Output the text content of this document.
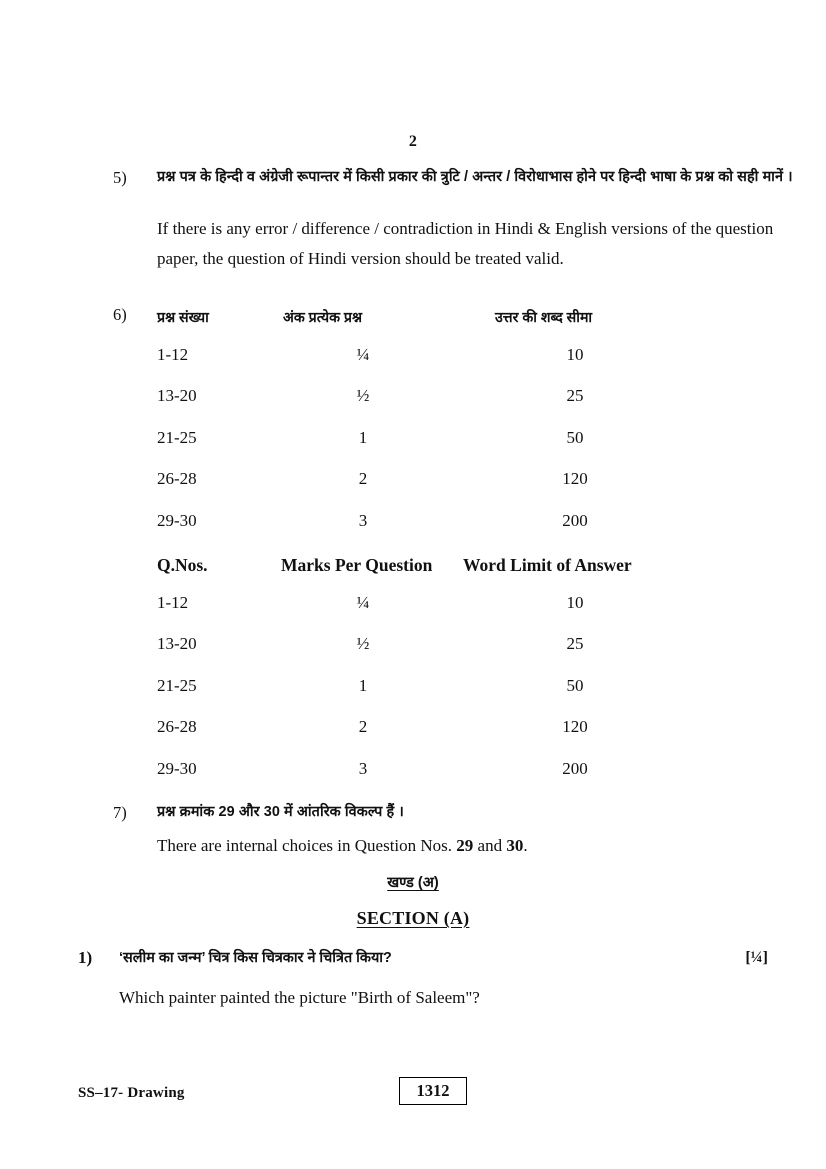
2
5)	प्रश्न पत्र के हिन्दी व अंग्रेजी रूपान्तर में किसी प्रकार की त्रुटि / अन्तर / विरोधाभास होने पर हिन्दी भाषा के प्रश्न को सही मानें ।
If there is any error / difference / contradiction in Hindi & English versions of the question paper, the question of Hindi version should be treated valid.
6)	प्रश्न संख्या	अंक प्रत्येक प्रश्न	उत्तर की शब्द सीमा
1-12	¼	10
13-20	½	25
21-25	1	50
26-28	2	120
29-30	3	200
Q.Nos.	Marks Per Question	Word Limit of Answer
1-12	¼	10
13-20	½	25
21-25	1	50
26-28	2	120
29-30	3	200
7)	प्रश्न क्रमांक 29 और 30 में आंतरिक विकल्प हैं ।
There are internal choices in Question Nos. 29 and 30.
खण्ड (अ)
SECTION (A)
1)	[¼]
‘सलीम का जन्म’ चित्र किस चित्रकार ने चित्रित किया?
Which painter painted the picture "Birth of Saleem"?
SS–17- Drawing	1312
